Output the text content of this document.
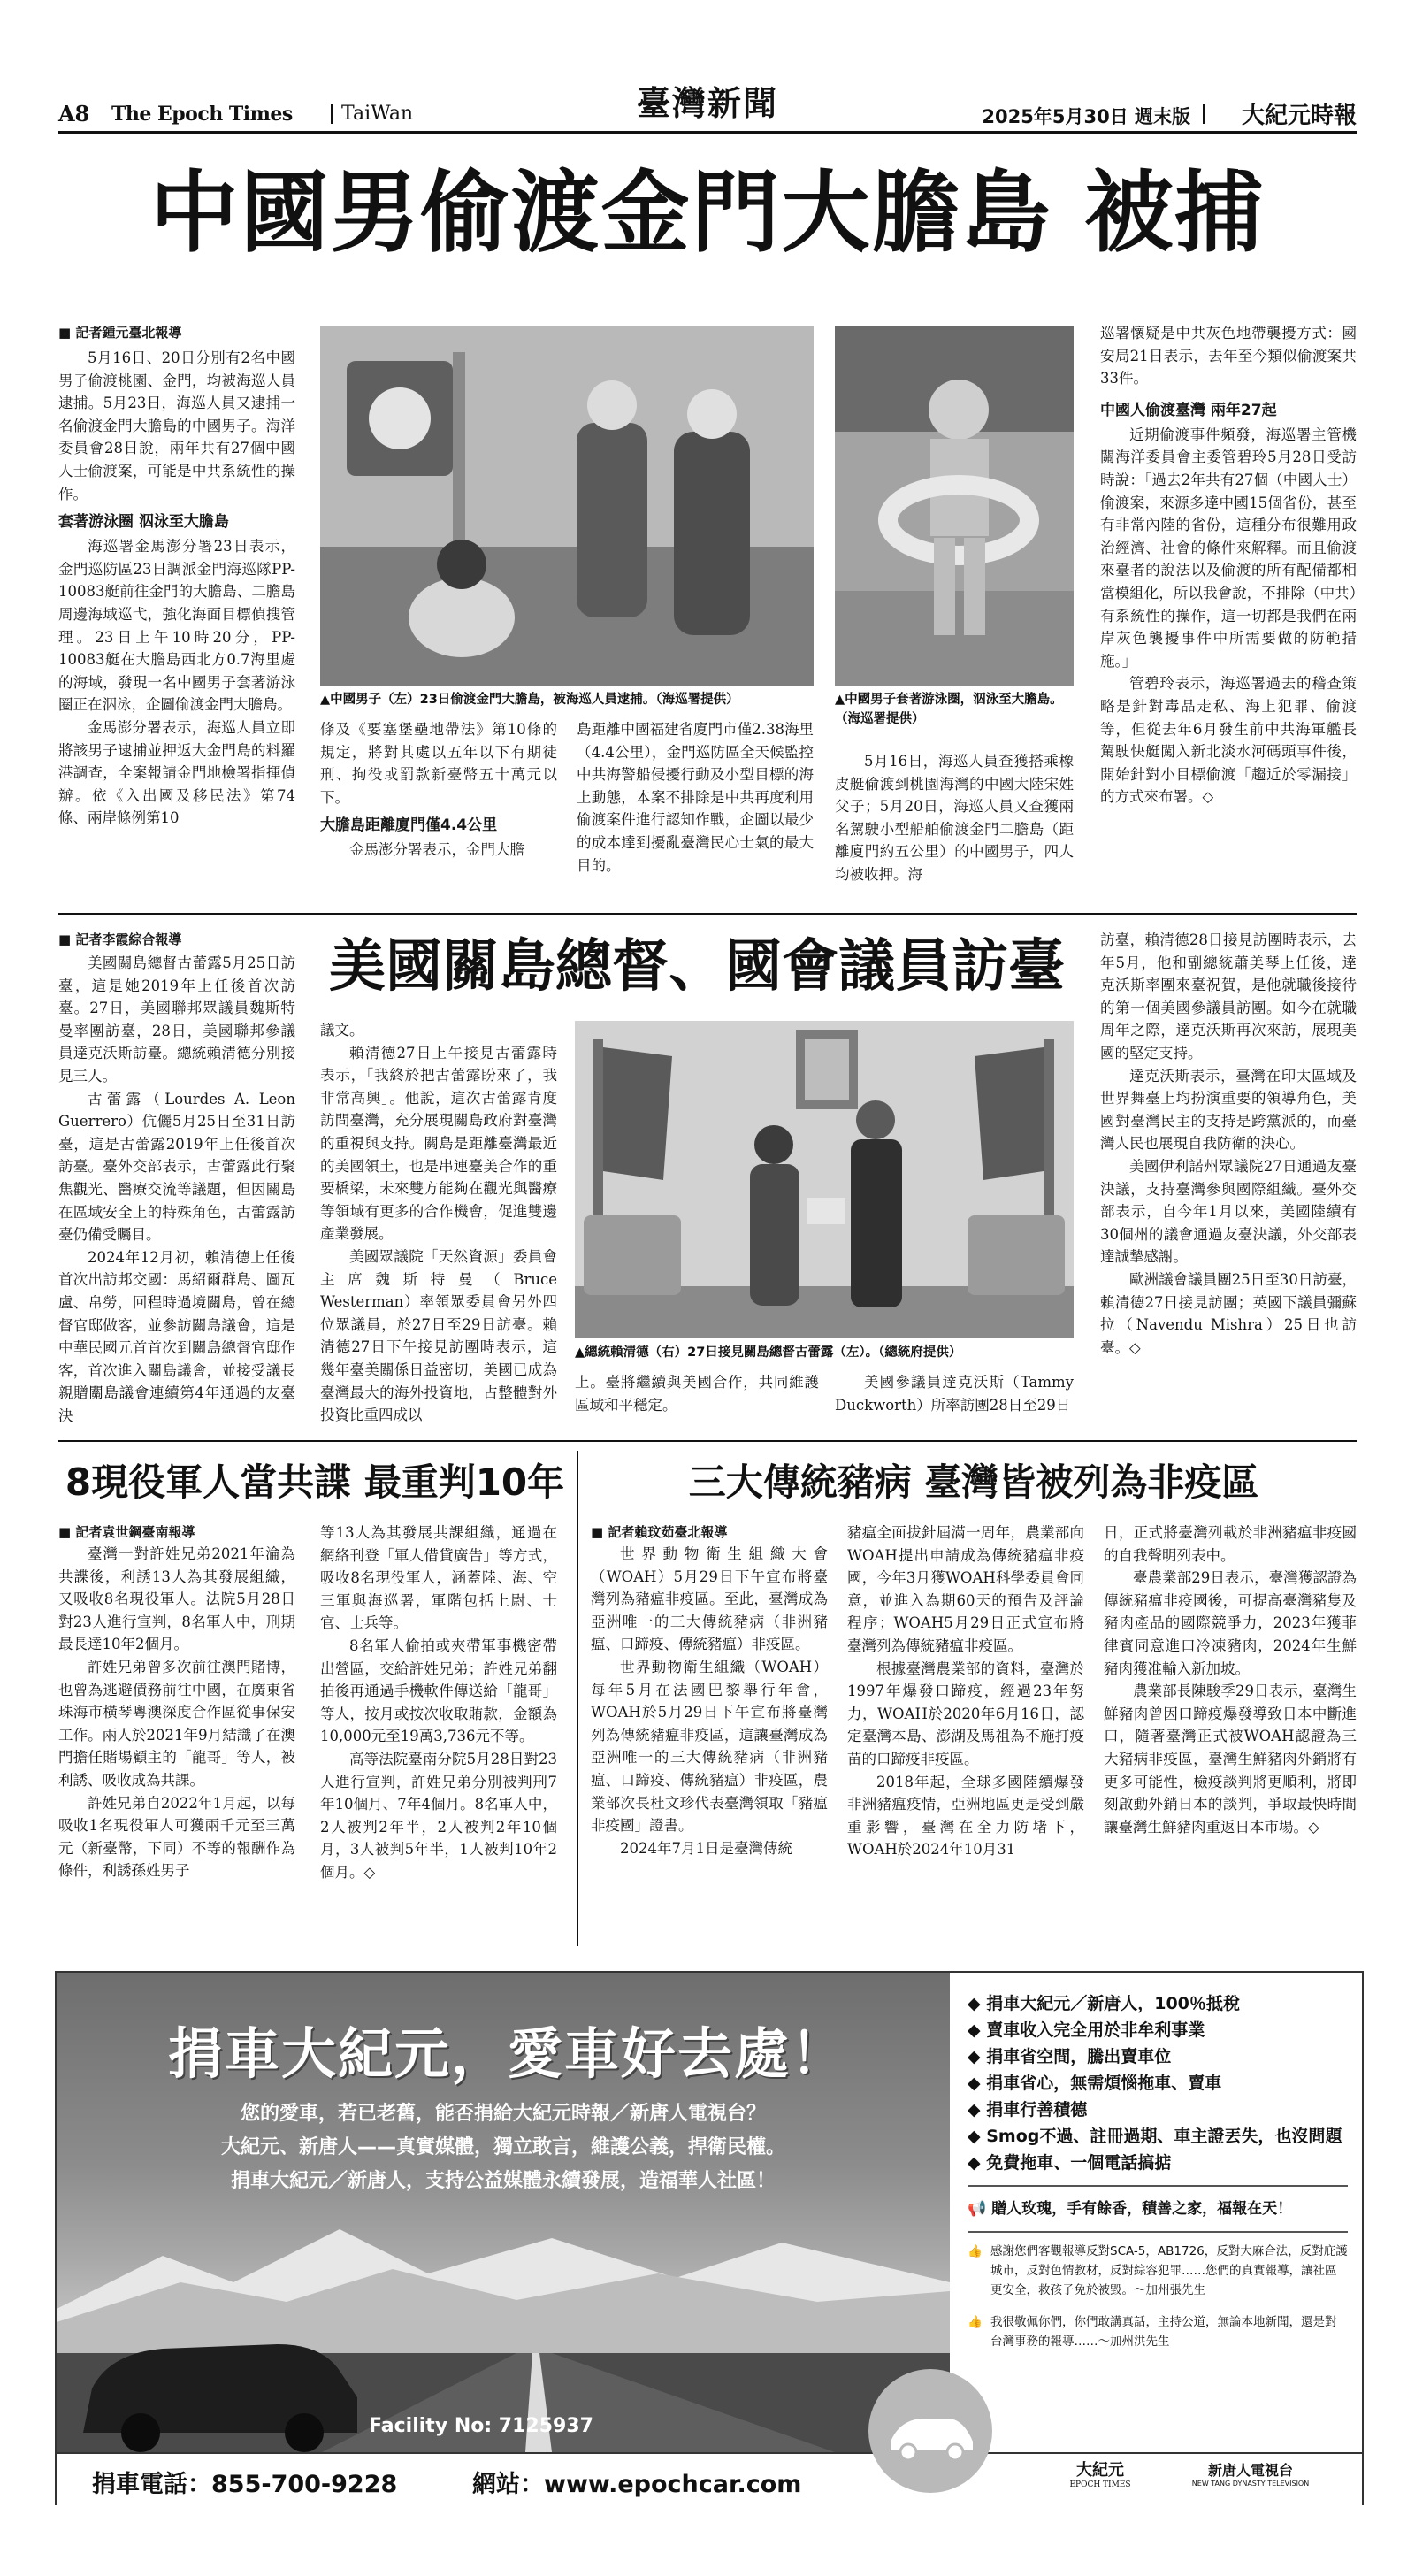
A8 The Epoch Times	TaiWan	臺灣新聞	2025年5月30日 週末版	大紀元時報
中國男偷渡金門大膽島 被捕

■ 記者鍾元臺北報導

5月16日、20日分別有2名中國男子偷渡桃園、金門，均被海巡人員逮捕。5月23日，海巡人員又逮捕一名偷渡金門大膽島的中國男子。海洋委員會28日說，兩年共有27個中國人士偷渡案，可能是中共系統性的操作。

套著游泳圈 泅泳至大膽島

海巡署金馬澎分署23日表示，金門巡防區23日調派金門海巡隊PP-10083艇前往金門的大膽島、二膽島周邊海域巡弋，強化海面目標偵搜管理。23日上午10時20分，PP-10083艇在大膽島西北方0.7海里處的海域，發現一名中國男子套著游泳圈正在泅泳，企圖偷渡金門大膽島。

金馬澎分署表示，海巡人員立即將該男子逮捕並押返大金門島的料羅港調查，全案報請金門地檢署指揮偵辦。依《入出國及移民法》第74條、兩岸條例第10

▲中國男子（左）23日偷渡金門大膽島，被海巡人員逮捕。（海巡署提供）

條及《要塞堡壘地帶法》第10條的規定，將對其處以五年以下有期徒刑、拘役或罰款新臺幣五十萬元以下。

大膽島距離廈門僅4.4公里

金馬澎分署表示，金門大膽

島距離中國福建省廈門市僅2.38海里（4.4公里），金門巡防區全天候監控中共海警船侵擾行動及小型目標的海上動態，本案不排除是中共再度利用偷渡案件進行認知作戰，企圖以最少的成本達到擾亂臺灣民心士氣的最大目的。

▲中國男子套著游泳圈，泅泳至大膽島。（海巡署提供）

5月16日，海巡人員查獲搭乘橡皮艇偷渡到桃園海灣的中國大陸宋姓父子；5月20日，海巡人員又查獲兩名駕駛小型船舶偷渡金門二膽島（距離廈門約五公里）的中國男子，四人均被收押。海

巡署懷疑是中共灰色地帶襲擾方式：國安局21日表示，去年至今類似偷渡案共33件。

中國人偷渡臺灣 兩年27起

近期偷渡事件頻發，海巡署主管機關海洋委員會主委管碧玲5月28日受訪時說：「過去2年共有27個（中國人士）偷渡案，來源多達中國15個省份，甚至有非常內陸的省份，這種分布很難用政治經濟、社會的條件來解釋。而且偷渡來臺者的說法以及偷渡的所有配備都相當模組化，所以我會說，不排除（中共）有系統性的操作，這一切都是我們在兩岸灰色襲擾事件中所需要做的防範措施。」

管碧玲表示，海巡署過去的稽查策略是針對毒品走私、海上犯罪、偷渡等，但從去年6月發生前中共海軍艦長駕駛快艇闖入新北淡水河碼頭事件後，開始針對小目標偷渡「趨近於零漏接」的方式來布署。◇

■ 記者李霞綜合報導

美國關島總督古蕾露5月25日訪臺，這是她2019年上任後首次訪臺。27日，美國聯邦眾議員魏斯特曼率團訪臺，28日，美國聯邦參議員達克沃斯訪臺。總統賴清德分別接見三人。

古蕾露（Lourdes A. Leon Guerrero）伉儷5月25日至31日訪臺，這是古蕾露2019年上任後首次訪臺。臺外交部表示，古蕾露此行聚焦觀光、醫療交流等議題，但因關島在區域安全上的特殊角色，古蕾露訪臺仍備受矚目。

2024年12月初，賴清德上任後首次出訪邦交國：馬紹爾群島、圖瓦盧、帛勞，回程時過境關島，曾在總督官邸做客，並參訪關島議會，這是中華民國元首首次到關島總督官邸作客，首次進入關島議會，並接受議長親贈關島議會連續第4年通過的友臺決

美國關島總督、國會議員訪臺

議文。

賴清德27日上午接見古蕾露時表示，「我終於把古蕾露盼來了，我非常高興」。他說，這次古蕾露肯度訪問臺灣，充分展現關島政府對臺灣的重視與支持。關島是距離臺灣最近的美國領土，也是串連臺美合作的重要橋梁，未來雙方能夠在觀光與醫療等領域有更多的合作機會，促進雙邊產業發展。

美國眾議院「天然資源」委員會主席魏斯特曼（Bruce Westerman）率領眾委員會另外四位眾議員，於27日至29日訪臺。賴清德27日下午接見訪團時表示，這幾年臺美關係日益密切，美國已成為臺灣最大的海外投資地，占整體對外投資比重四成以

▲總統賴清德（右）27日接見關島總督古蕾露（左）。（總統府提供）

上。臺將繼續與美國合作，共同維護區域和平穩定。

美國參議員達克沃斯（Tammy Duckworth）所率訪團28日至29日

訪臺，賴清德28日接見訪團時表示，去年5月，他和副總統蕭美琴上任後，達克沃斯率團來臺祝賀，是他就職後接待的第一個美國參議員訪團。如今在就職周年之際，達克沃斯再次來訪，展現美國的堅定支持。

達克沃斯表示，臺灣在印太區域及世界舞臺上均扮演重要的領導角色，美國對臺灣民主的支持是跨黨派的，而臺灣人民也展現自我防衛的決心。

美國伊利諾州眾議院27日通過友臺決議，支持臺灣參與國際組織。臺外交部表示，自今年1月以來，美國陸續有30個州的議會通過友臺決議，外交部表達誠摯感謝。

歐洲議會議員團25日至30日訪臺，賴清德27日接見訪團；英國下議員彌蘇拉（Navendu Mishra）25日也訪臺。◇

8現役軍人當共諜 最重判10年

■ 記者袁世鋼臺南報導

臺灣一對許姓兄弟2021年淪為共諜後，利誘13人為其發展組織，又吸收8名現役軍人。法院5月28日對23人進行宣判，8名軍人中，刑期最長達10年2個月。

許姓兄弟曾多次前往澳門賭博，也曾為逃避債務前往中國，在廣東省珠海市橫琴粵澳深度合作區從事保安工作。兩人於2021年9月結識了在澳門擔任賭場顧主的「龍哥」等人，被利誘、吸收成為共課。

許姓兄弟自2022年1月起，以每吸收1名現役軍人可獲兩千元至三萬元（新臺幣，下同）不等的報酬作為條件，利誘孫姓男子

等13人為其發展共課組織，通過在網絡刊登「軍人借貸廣告」等方式，吸收8名現役軍人，涵蓋陸、海、空三軍與海巡署，軍階包括上尉、士官、士兵等。

8名軍人偷拍或夾帶軍事機密帶出營區，交給許姓兄弟；許姓兄弟翻拍後再通過手機軟件傳送給「龍哥」等人，按月或按次收取賄款，金額為10,000元至19萬3,736元不等。

高等法院臺南分院5月28日對23人進行宣判，許姓兄弟分別被判刑7年10個月、7年4個月。8名軍人中，2人被判2年半，2人被判2年10個月，3人被判5年半，1人被判10年2個月。◇

三大傳統豬病 臺灣皆被列為非疫區

■ 記者賴玟茹臺北報導

世界動物衛生組織大會（WOAH）5月29日下午宣布將臺灣列為豬瘟非疫區。至此，臺灣成為亞洲唯一的三大傳統豬病（非洲豬瘟、口蹄疫、傳統豬瘟）非疫區。

世界動物衛生組織（WOAH）每年5月在法國巴黎舉行年會，WOAH於5月29日下午宣布將臺灣列為傳統豬瘟非疫區，這讓臺灣成為亞洲唯一的三大傳統豬病（非洲豬瘟、口蹄疫、傳統豬瘟）非疫區，農業部次長杜文珍代表臺灣領取「豬瘟非疫國」證書。

2024年7月1日是臺灣傳統

豬瘟全面拔針屆滿一周年，農業部向WOAH提出申請成為傳統豬瘟非疫國，今年3月獲WOAH科學委員會同意，並進入為期60天的預告及評論程序；WOAH5月29日正式宣布將臺灣列為傳統豬瘟非疫區。

根據臺灣農業部的資料，臺灣於1997年爆發口蹄疫，經過23年努力，WOAH於2020年6月16日，認定臺灣本島、澎湖及馬祖為不施打疫苗的口蹄疫非疫區。

2018年起，全球多國陸續爆發非洲豬瘟疫情，亞洲地區更是受到嚴重影響，臺灣在全力防堵下，WOAH於2024年10月31

日，正式將臺灣列載於非洲豬瘟非疫國的自我聲明列表中。

臺農業部29日表示，臺灣獲認證為傳統豬瘟非疫國後，可提高臺灣豬隻及豬肉產品的國際競爭力，2023年獲菲律賓同意進口冷凍豬肉，2024年生鮮豬肉獲准輸入新加坡。

農業部長陳駿季29日表示，臺灣生鮮豬肉曾因口蹄疫爆發導致日本中斷進口，隨著臺灣正式被WOAH認證為三大豬病非疫區，臺灣生鮮豬肉外銷將有更多可能性，檢疫談判將更順利，將即刻啟動外銷日本的談判，爭取最快時間讓臺灣生鮮豬肉重返日本市場。◇

捐車大紀元，愛車好去處！
您的愛車，若已老舊，能否捐給大紀元時報／新唐人電視台？
大紀元、新唐人——真實媒體，獨立敢言，維護公義，捍衛民權。
捐車大紀元／新唐人，支持公益媒體永續發展，造福華人社區！
Facility No: 7125937
捐車電話：855-700-9228	網站：www.epochcar.com
大紀元
EPOCH TIMES
新唐人電視台
NEW TANG DYNASTY TELEVISION
◆ 捐車大紀元／新唐人，100％抵稅
◆ 賣車收入完全用於非牟利事業
◆ 捐車省空間，騰出賣車位
◆ 捐車省心，無需煩惱拖車、賣車
◆ 捐車行善積德
◆ Smog不過、註冊過期、車主證丟失，也沒問題
◆ 免費拖車、一個電話搞掂
📢 贈人玫瑰，手有餘香，積善之家，福報在天！
👍 感謝您們客觀報導反對SCA-5，AB1726，反對大麻合法，反對庇護城市，反對色情教材，反對綜容犯罪……您們的真實報導，讓社區更安全，救孩子免於被毀。～加州張先生
👍 我很敬佩你們，你們敢講真話，主持公道，無論本地新聞，還是對台灣事務的報導……～加州洪先生
